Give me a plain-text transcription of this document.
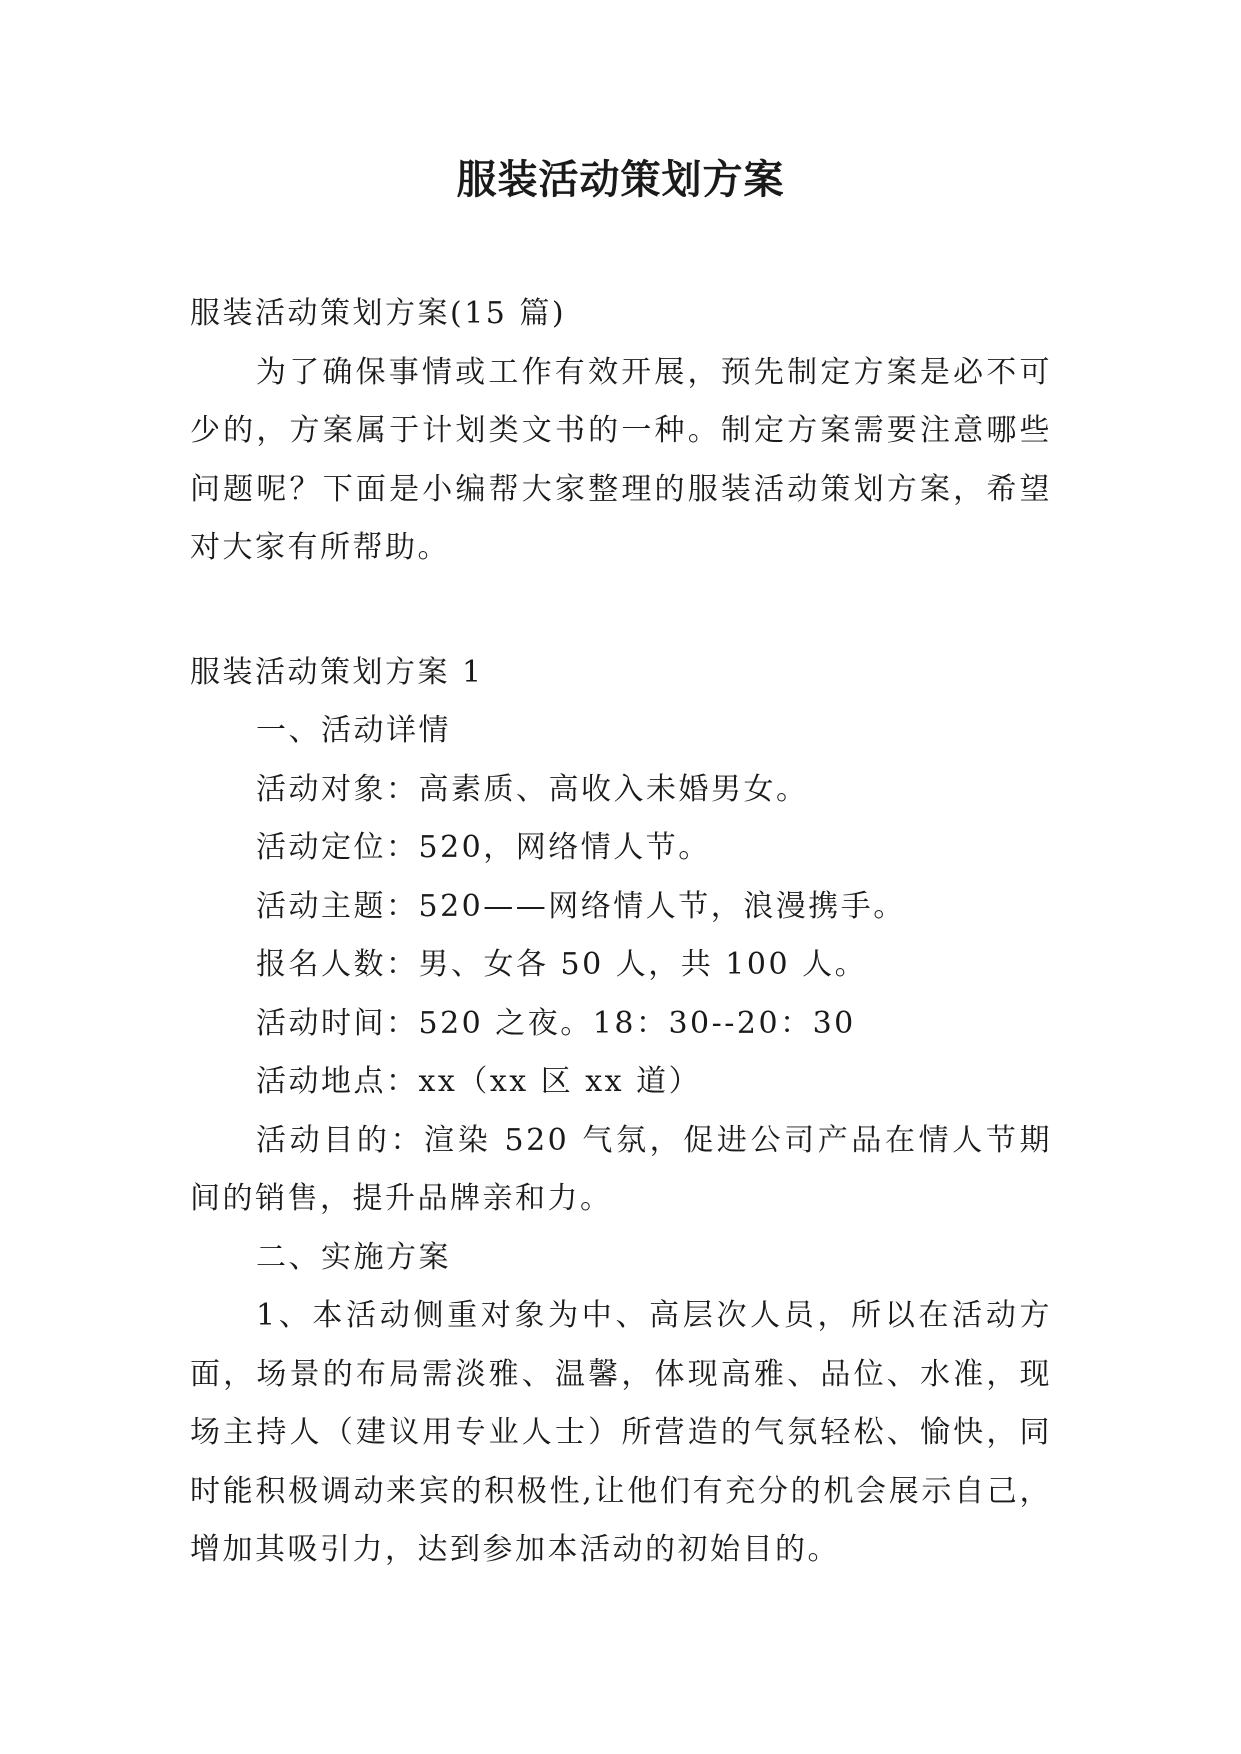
服装活动策划方案

服装活动策划方案(15 篇)

为了确保事情或工作有效开展，预先制定方案是必不可少的，方案属于计划类文书的一种。制定方案需要注意哪些问题呢？下面是小编帮大家整理的服装活动策划方案，希望对大家有所帮助。

服装活动策划方案 1

一、活动详情

活动对象：高素质、高收入未婚男女。

活动定位：520，网络情人节。

活动主题：520——网络情人节，浪漫携手。

报名人数：男、女各 50 人，共 100 人。

活动时间：520 之夜。18：30--20：30

活动地点：xx（xx 区 xx 道）

活动目的：渲染 520 气氛，促进公司产品在情人节期间的销售，提升品牌亲和力。

二、实施方案

1、本活动侧重对象为中、高层次人员，所以在活动方面，场景的布局需淡雅、温馨，体现高雅、品位、水准，现场主持人（建议用专业人士）所营造的气氛轻松、愉快，同时能积极调动来宾的积极性,让他们有充分的机会展示自己，增加其吸引力，达到参加本活动的初始目的。
